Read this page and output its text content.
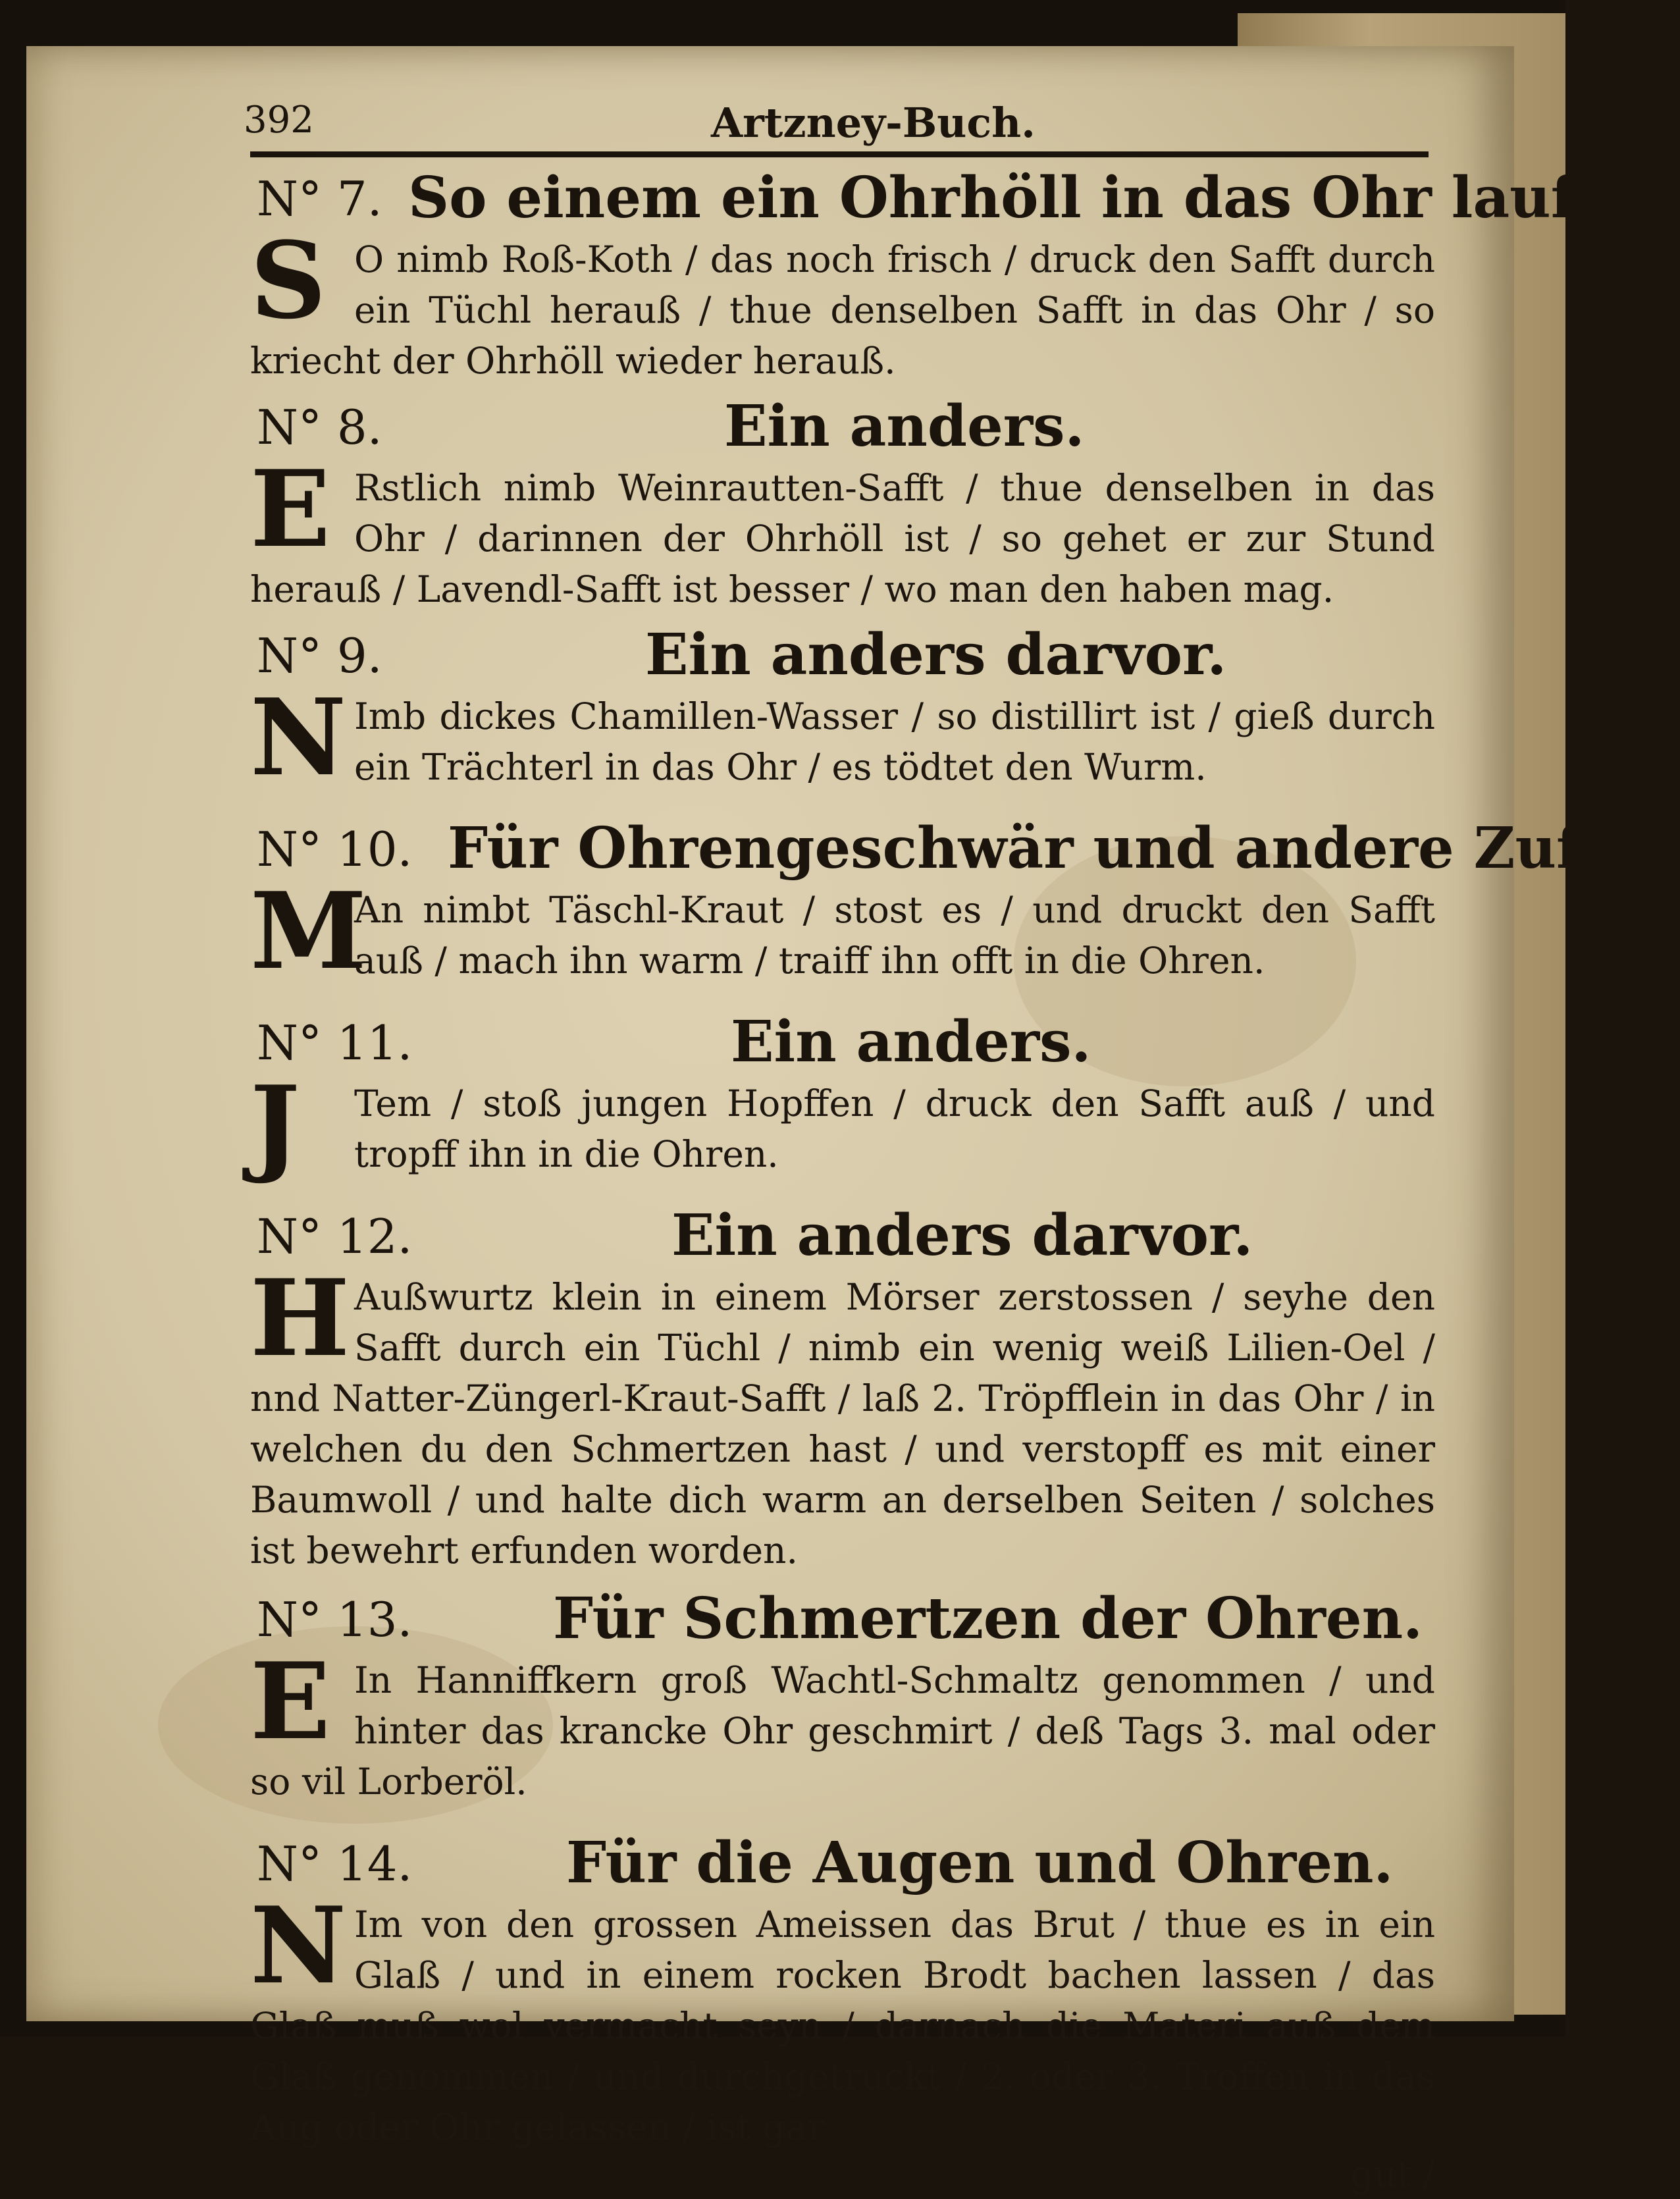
392	Artzney-Buch.
N° 7. So einem ein Ohrhöll in das Ohr laufft.
S O nimb Roß-Koth / das noch frisch / druck den Safft durch ein Tüchl herauß / thue denselben Safft in das Ohr / so kriecht der Ohrhöll wieder herauß.
N° 8.	Ein anders.
E Rstlich nimb Weinrautten-Safft / thue denselben in das Ohr / darinnen der Ohrhöll ist / so gehet er zur Stund herauß / Lavendl-Safft ist besser / wo man den haben mag.
N° 9.	Ein anders darvor.
N Imb dickes Chamillen-Wasser / so distillirt ist / gieß durch ein Trächterl in das Ohr / es tödtet den Wurm.
N° 10. Für Ohrengeschwär und andere Zufäll.
M
An nimbt Täschl-Kraut / stost es / und druckt den Safft auß / mach ihn warm / traiff ihn offt in die Ohren.
N° 11.	Ein anders.
J	Tem / stoß jungen Hopffen / druck den Safft auß / und tropff ihn in die Ohren.
N° 12.	Ein anders darvor.
H Außwurtz klein in einem Mörser zerstossen / seyhe den Safft durch ein Tüchl / nimb ein wenig weiß Lilien-Oel / nnd Natter-Züngerl-Kraut-Safft / laß 2. Tröpfflein in das Ohr / in welchen du den Schmertzen hast / und verstopff es mit einer Baumwoll / und halte dich warm an derselben Seiten / solches ist bewehrt erfunden worden.
N° 13. Für Schmertzen der Ohren.
E In Hanniffkern groß Wachtl-Schmaltz genommen / und hinter das krancke Ohr geschmirt / deß Tags 3. mal oder so vil Lorberöl.
N° 14.	Für die Augen und Ohren.
N Im von den grossen Ameissen das Brut / thue es in ein Glaß / und in einem rocken Brodt bachen lassen / das Glaß muß wol vermacht seyn / darnach die Materi auß dem Glaß genommen / und durchgetruckt / 2. oder 3. Troffen in das Aug oder Ohr gelassen / ist gar
gut /
